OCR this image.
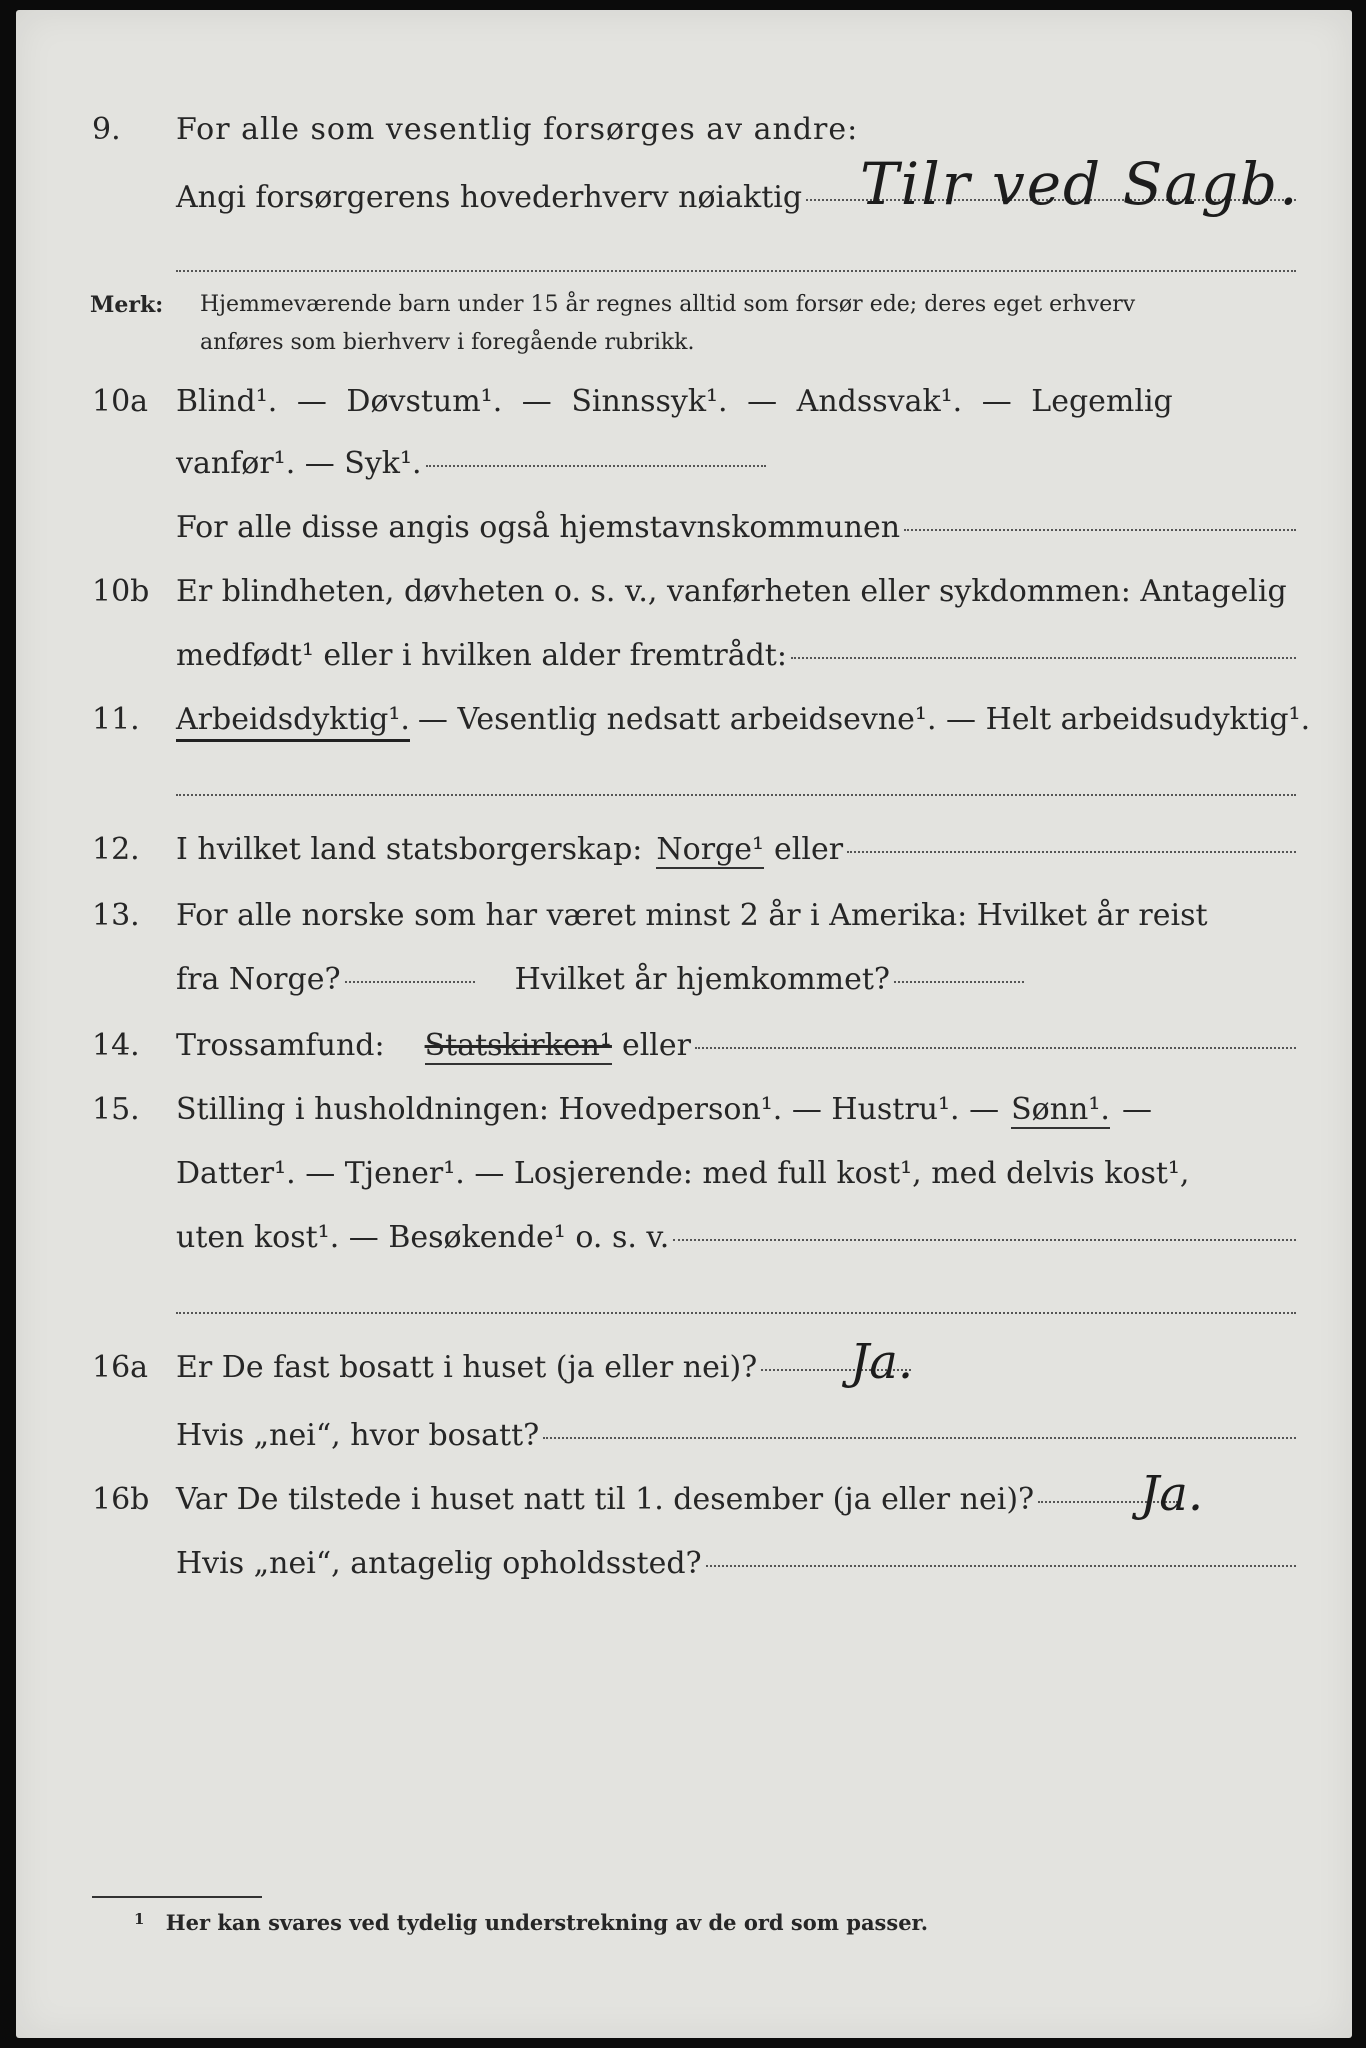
9. For alle som vesentlig forsørges av andre:
Angi forsørgerens hovederhverv nøiaktig Tilr ved Sagb.
Merk: Hjemmeværende barn under 15 år regnes alltid som forsør ede; deres eget erhverv
anføres som bierhverv i foregående rubrikk.
10a Blind¹. — Døvstum¹. — Sinnssyk¹. — Andssvak¹. — Legemlig
vanfør¹. — Syk¹.
For alle disse angis også hjemstavnskommunen
10b Er blindheten, døvheten o. s. v., vanførheten eller sykdommen: Antagelig
medfødt¹ eller i hvilken alder fremtrådt:
11. Arbeidsdyktig¹. — Vesentlig nedsatt arbeidsevne¹. — Helt arbeidsudyktig¹.
12. I hvilket land statsborgerskap: Norge¹ eller
13. For alle norske som har været minst 2 år i Amerika: Hvilket år reist
fra Norge?	Hvilket år hjemkommet?
14. Trossamfund: Statskirken¹ eller
15. Stilling i husholdningen: Hovedperson¹. — Hustru¹. — Sønn¹. —
Datter¹. — Tjener¹. — Losjerende: med full kost¹, med delvis kost¹,
uten kost¹. — Besøkende¹ o. s. v.
16a Er De fast bosatt i huset (ja eller nei)? Ja.
Hvis „nei“, hvor bosatt?
16b Var De tilstede i huset natt til 1. desember (ja eller nei)? Ja.
Hvis „nei“, antagelig opholdssted?
$^1$ Her kan svares ved tydelig understrekning av de ord som passer.
